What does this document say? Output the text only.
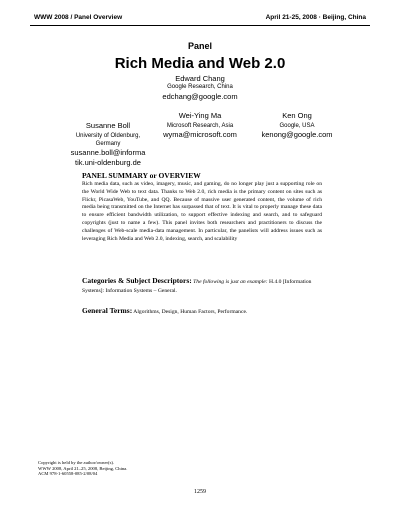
WWW 2008 / Panel Overview	April 21-25, 2008 · Beijing, China
Panel
Rich Media and Web 2.0
Edward Chang
Google Research, China
edchang@google.com
Susanne Boll
University of Oldenburg,
Germany
susanne.boll@informa
tik.uni-oldenburg.de
Wei-Ying Ma
Microsoft Research, Asia
wyma@microsoft.com
Ken Ong
Google, USA
kenong@google.com
PANEL SUMMARY or OVERVIEW
Rich media data, such as video, imagery, music, and gaming, do no longer play just a supporting role on the World Wide Web to text data. Thanks to Web 2.0, rich media is the primary content on sites such as Flickr, PicasaWeb, YouTube, and QQ. Because of massive user generated content, the volume of rich media being transmitted on the Internet has surpassed that of text. It is vital to properly manage these data to ensure efficient bandwidth utilization, to support effective indexing and search, and to safeguard copyrights (just to name a few). This panel invites both researchers and practitioners to discuss the challenges of Web-scale media-data management. In particular, the panelists will address issues such as leveraging Rich Media and Web 2.0, indexing, search, and scalability
Categories & Subject Descriptors: The following is just an example: H.4.0 [Information Systems]: Information Systems – General.
General Terms: Algorithms, Design, Human Factors, Performance.
Copyright is held by the author/owner(s).
WWW 2008, April 21–25, 2008, Beijing, China.
ACM 978-1-60558-085-2/08/04
1259
